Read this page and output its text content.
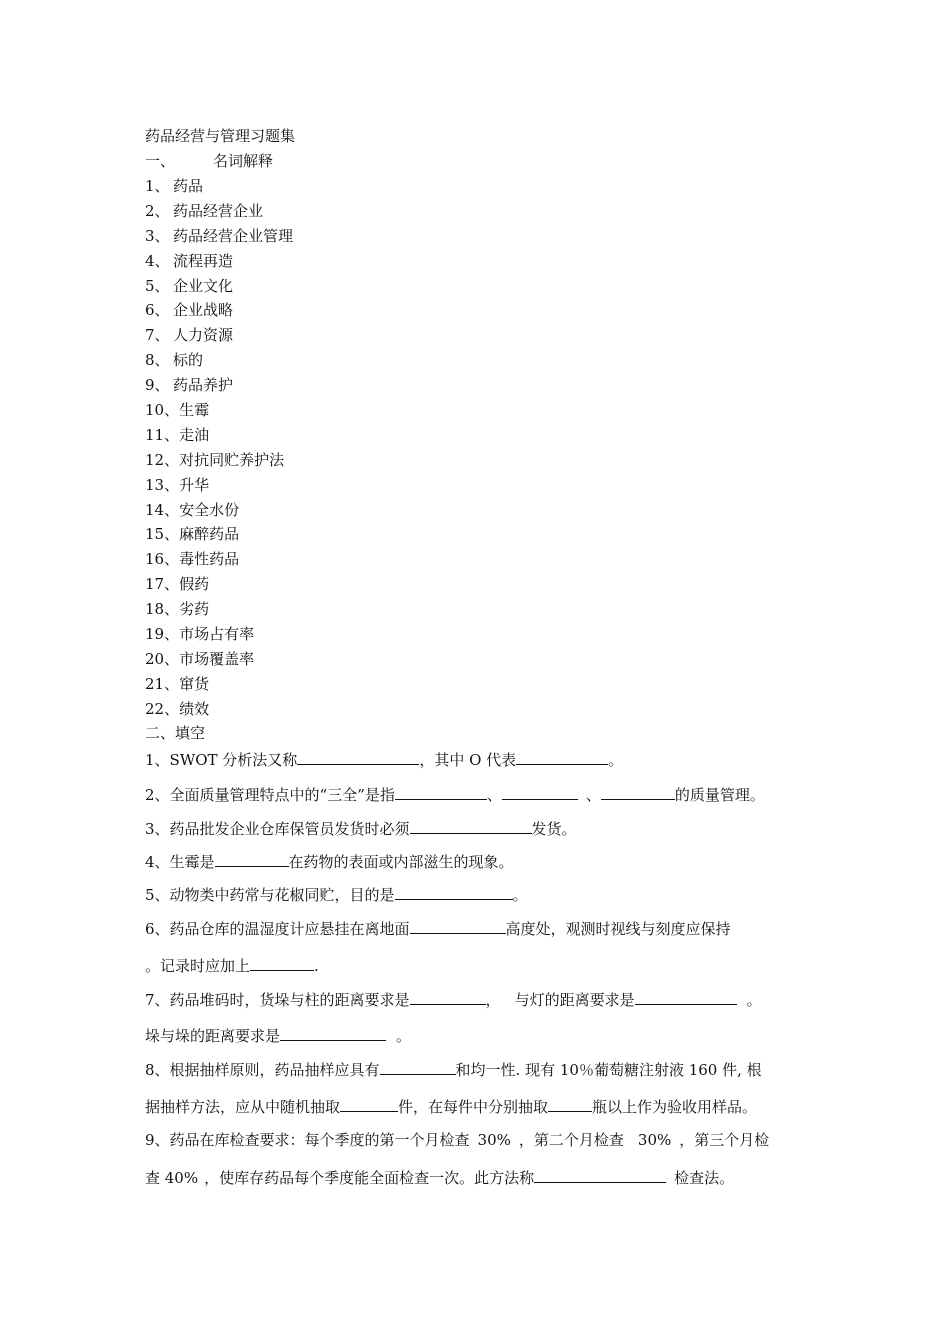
药品经营与管理习题集
一、	名词解释
1、 药品
2、 药品经营企业
3、 药品经营企业管理
4、 流程再造
5、 企业文化
6、 企业战略
7、 人力资源
8、 标的
9、 药品养护
10、生霉
11、走油
12、对抗同贮养护法
13、升华
14、安全水份
15、麻醉药品
16、毒性药品
17、假药
18、劣药
19、市场占有率
20、市场覆盖率
21、窜货
22、绩效
二、填空
1、SWOT 分析法又称	，其中 O 代表	。
2、全面质量管理特点中的“三全”是指	、	、	的质量管理。
3、药品批发企业仓库保管员发货时必须	发货。
4、生霉是	在药物的表面或内部滋生的现象。
5、动物类中药常与花椒同贮，目的是	。
6、药品仓库的温湿度计应悬挂在离地面	高度处，观测时视线与刻度应保持
。记录时应加上	.
7、药品堆码时，货垛与柱的距离要求是	， 与灯的距离要求是	。
垛与垛的距离要求是	。
8、根据抽样原则，药品抽样应具有	和均一性. 现有 10％葡萄糖注射液 160 件, 根
据抽样方法，应从中随机抽取	件，在每件中分别抽取	瓶以上作为验收用样品。
9、药品在库检查要求：每个季度的第一个月检查 30% ，第二个月检查 30% ，第三个月检
查 40% ，使库存药品每个季度能全面检查一次。此方法称	检查法。
